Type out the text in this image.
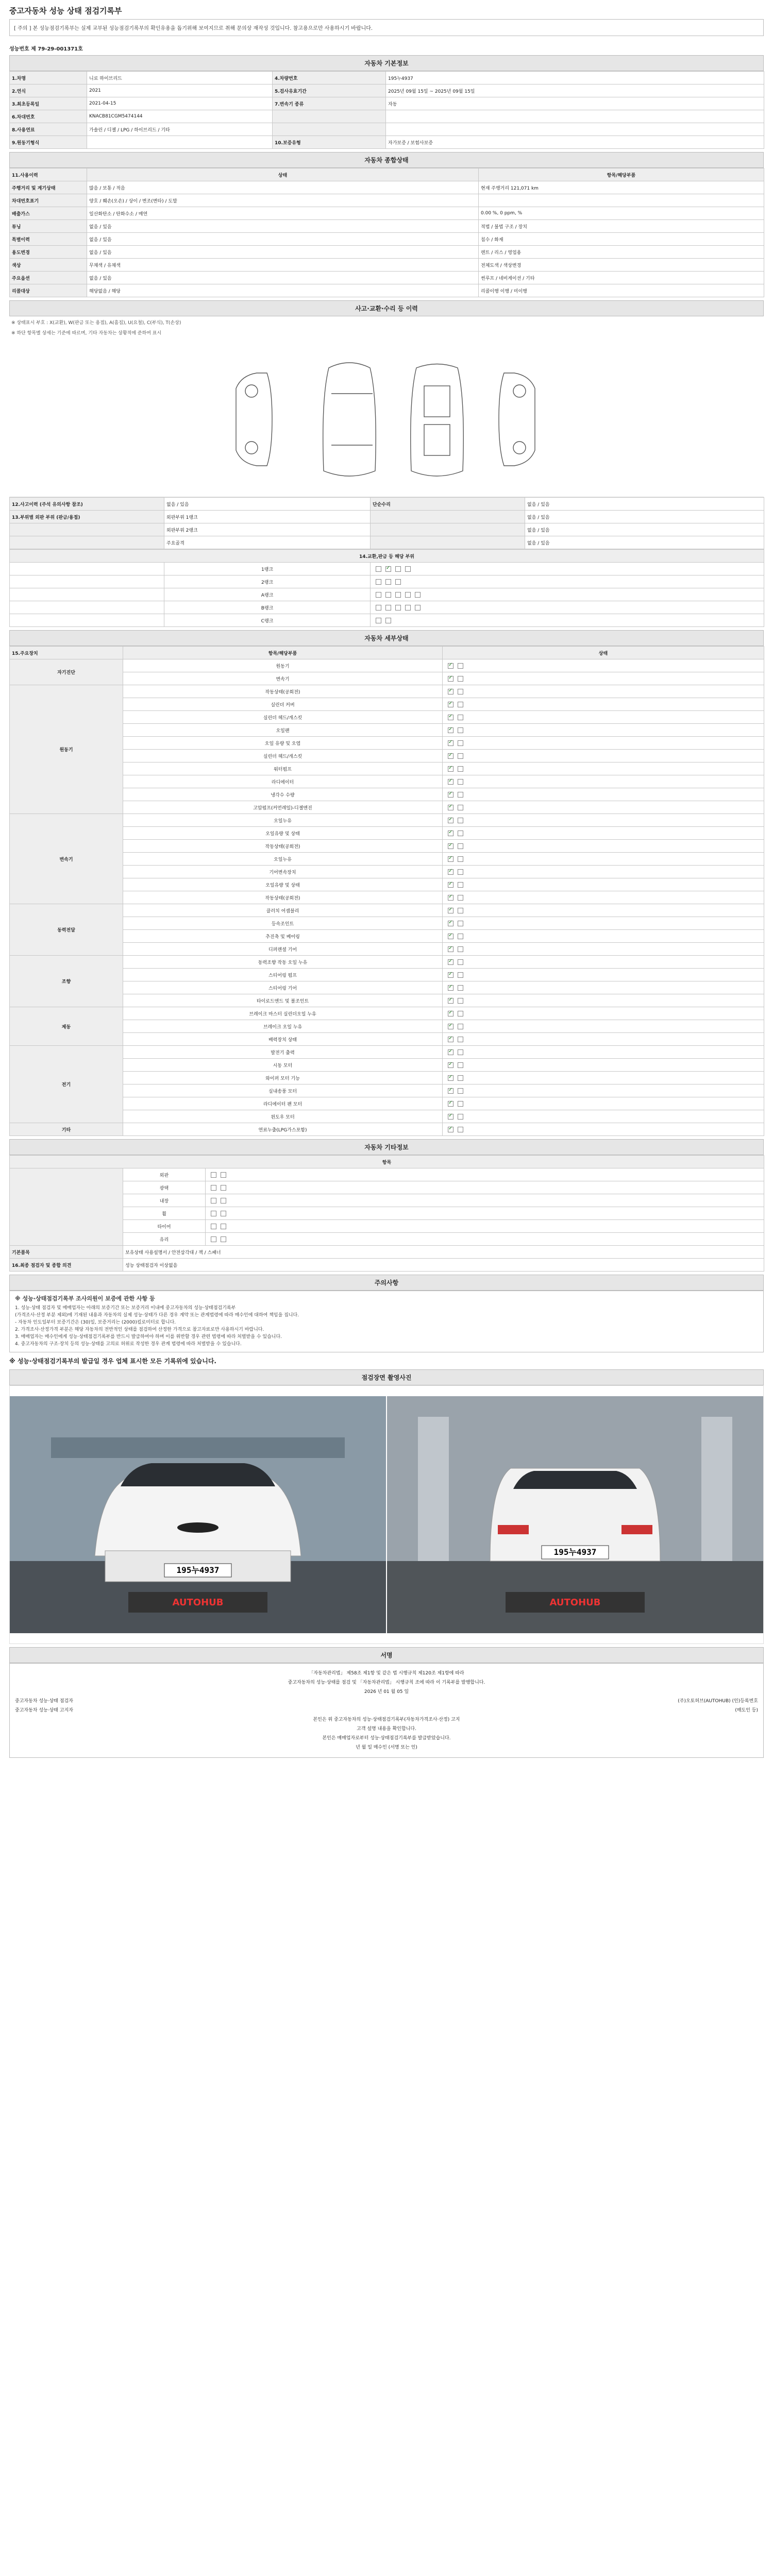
중고자동차 성능 상태 점검기록부
[ 주의 ] 본 성능점검기록부는 실제 교부된 성능점검기록부의 확인유용을 돕기위해 보여지므로 취해 문의상 재작성 것입니다. 참고용으로만 사용하시기 바랍니다.
성능번호 제 79-29-001371호
자동차 기본정보
1.차명	니로 하이브리드	4.차량번호	195누4937
2.연식	2021	5.검사유효기간	2025년 09월 15일 ~ 2025년 09월 15일
3.최초등록일	2021-04-15	7.변속기 종류	자동
6.차대번호	KNACB81CGM5474144		
8.사용연료	가솔린 / 디젤 / LPG / 하이브리드 / 기타		
9.원동기형식		10.보증유형	자가보증 / 보험사보증
자동차 종합상태
11.사용이력	상태	항목/해당부품
주행거리 및 계기상태	많음 / 보통 / 적음	현재 주행거리 121,071 km
차대번호표기	양호 / 훼손(오손) / 상이 / 변조(변타) / 도말	
배출가스	일산화탄소 / 탄화수소 / 매연	0.00 %, 0 ppm, %
튜닝	없음 / 있음	적법 / 불법 구조 / 장치
특별이력	없음 / 있음	침수 / 화재
용도변경	없음 / 있음	렌트 / 리스 / 영업용
색상	무채색 / 유채색	전체도색 / 색상변경
주요옵션	없음 / 있음	썬루프 / 네비게이션 / 기타
리콜대상	해당없음 / 해당	리콜이행 이행 / 미이행
사고·교환·수리 등 이력
※ 상태표시 부호 : X(교환), W(판금 또는 용접), A(흠집), U(요철), C(부식), T(손상)
※ 하단 항목별 상세는 기준에 따르며, 기타 자동차는 상황적에 준하여 표시
12.사고이력 (주석 유의사항 참조)	없음 / 있음	단순수리	없음 / 있음
13.부위별 외판 부위 (판금/용접)	외판부위 1랭크		없음 / 있음
	외판부위 2랭크		없음 / 있음
	주요골격		없음 / 있음
14.교환,판금 등 해당 부위		
	1랭크	✓
	2랭크	
	A랭크	
	B랭크	
	C랭크	
자동차 세부상태
15.주요장치	항목/해당부품	상태
자기진단	원동기	✓
	변속기	✓
원동기	작동상태(공회전)	✓
	실린더 커버	✓
	실린더 헤드/개스킷	✓
	오일팬	✓
	오일 유량 및 오염	✓
	실린더 헤드/개스킷	✓
	워터펌프	✓
	라디에이터	✓
	냉각수 수량	✓
	고압펌프(커먼레일)-디젤엔진	✓
변속기	오일누유	✓
	오일유량 및 상태	✓
	작동상태(공회전)	✓
	오일누유	✓
	기어변속장치	✓
	오일유량 및 상태	✓
	작동상태(공회전)	✓
동력전달	클러치 어셈블리	✓
	등속조인트	✓
	추진축 및 베어링	✓
	디퍼렌셜 기어	✓
조향	동력조향 작동 오일 누유	✓
	스티어링 펌프	✓
	스티어링 기어	✓
	타이로드엔드 및 볼조인트	✓
제동	브레이크 마스터 실린더오일 누유	✓
	브레이크 오일 누유	✓
	배력장치 상태	✓
전기	발전기 출력	✓
	시동 모터	✓
	와이퍼 모터 기능	✓
	실내송풍 모터	✓
	라디에이터 팬 모터	✓
	윈도우 모터	✓
기타	연료누출(LPG가스포함)	✓
자동차 기타정보
항목		
	외판	
	광택	
	내장	
	휠	
	타이어	
	유리	
기본품목	보유상태 사용설명서 / 안전삼각대 / 잭 / 스패너	
16.최종 점검자 및 종합 의견	성능 상태점검자 이상없음	
주의사항
※ 성능·상태점검기록부 조사의원이 보증에 관한 사항 등
1. 성능·상태 점검자 및 매매업자는 아래의 보증기간 또는 보증거리 이내에 중고자동차의 성능·상태점검기록부
(가격조사·산정 부분 제외)에 기재된 내용과 자동차의 실제 성능·상태가 다른 경우 계약 또는 관계법령에 따라 매수인에 대하여 책임을 집니다.
- 자동차 인도일부터 보증기간은 (30)일, 보증거리는 (2000)킬로미터로 합니다.
2. 가격조사·산정가격 부분은 해당 자동차의 전반적인 상태를 점검하여 산정한 가격으로 참고자료로만 사용하시기 바랍니다.
3. 매매업자는 매수인에게 성능·상태점검기록부를 반드시 발급하여야 하며 이를 위반할 경우 관련 법령에 따라 처벌받을 수 있습니다.
4. 중고자동차의 구조·장치 등의 성능·상태를 고의로 허위로 작성한 경우 관계 법령에 따라 처벌받을 수 있습니다.
※ 성능·상태점검기록부의 발급일 경우 업체 표시한 모든 기록위에 있습니다.
점검장면 촬영사진
195누4937
AUTOHUB
195누4937
AUTOHUB
서명
「자동차관리법」 제58조 제1항 및 같은 법 시행규칙 제120조 제1항에 따라
중고자동차의 성능·상태를 점검 및 「자동차관리법」 시행규칙 조에 따라 이 기록부를 발행합니다.
2026 년 01 월 05 일
중고자동차 성능·상태 점검자	(주)오토허브(AUTOHUB) (인)등록번호
중고자동차 성능·상태 고지자	(매도인 등)
본인은 위 중고자동차의 성능·상태점검기록부(자동차가격조사·산정) 고지
고객 설명 내용을 확인합니다.
본인은 매매업자로부터 성능·상태점검기록부를 발급받았습니다.
년 월 일 매수인 (서명 또는 인)
